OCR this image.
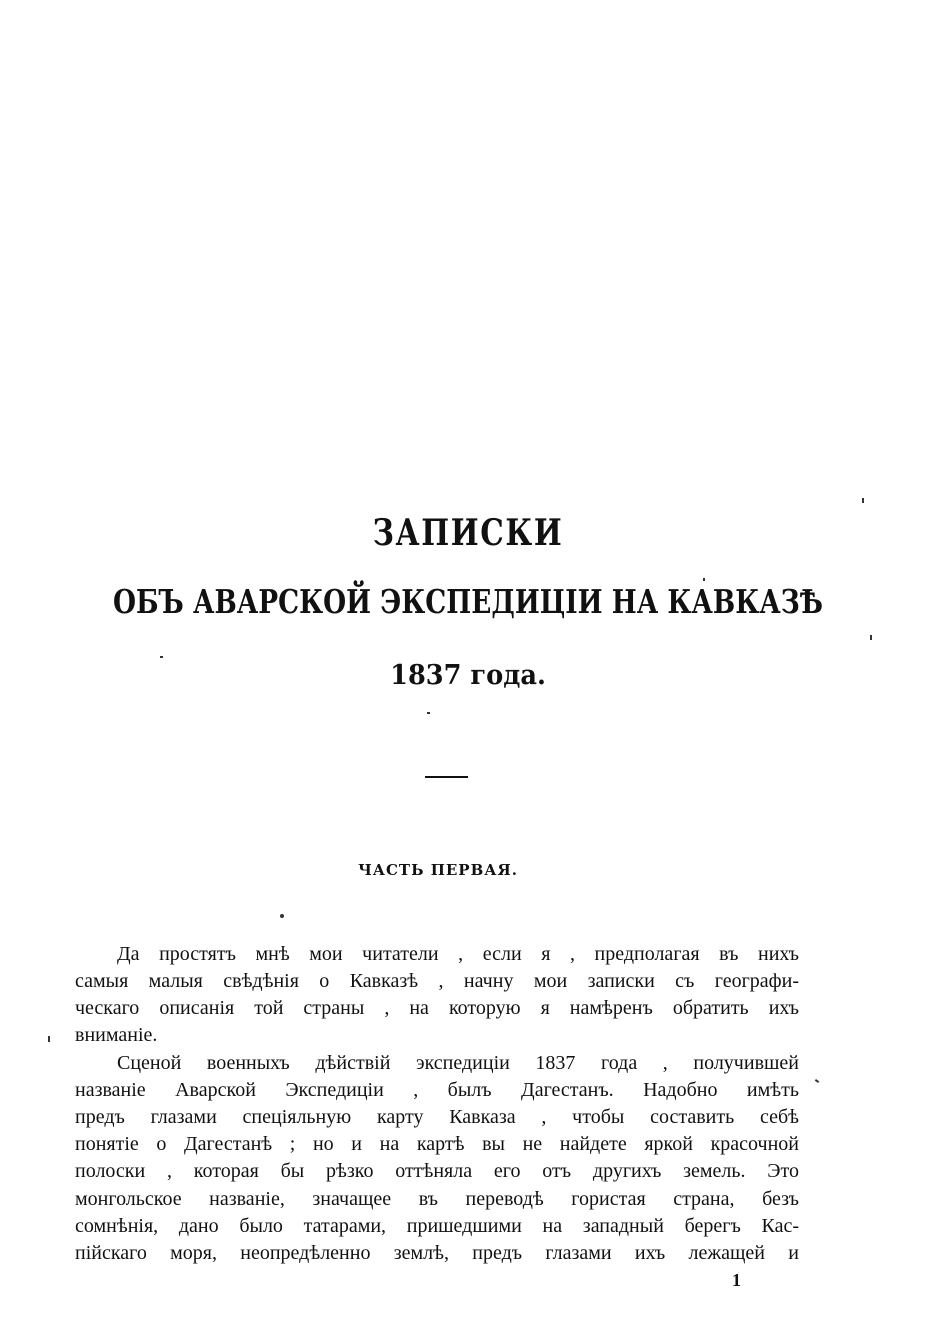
ЗАПИСКИ
ОБЪ АВАРСКОЙ ЭКСПЕДИЦІИ НА КАВКАЗѢ
1837 года.
ЧАСТЬ ПЕРВАЯ.
Да простятъ мнѣ мои читатели , если я , предполагая въ нихъ
самыя малыя свѣдѣнія о Кавказѣ , начну мои записки съ географи-
ческаго описанія той страны , на которую я намѣренъ обратить ихъ
вниманіе.
Сценой военныхъ дѣйствій экспедиціи 1837 года , получившей
названіе Аварской Экспедиціи , былъ Дагестанъ. Надобно имѣть
предъ глазами спеціяльную карту Кавказа , чтобы составить себѣ
понятіе о Дагестанѣ ; но и на картѣ вы не найдете яркой красочной
полоски , которая бы рѣзко оттѣняла его отъ другихъ земель. Это
монгольское названіе, значащее въ переводѣ гористая страна, безъ
сомнѣнія, дано было татарами, пришедшими на западный берегъ Кас-
пійскаго моря, неопредѣленно землѣ, предъ глазами ихъ лежащей и
1
